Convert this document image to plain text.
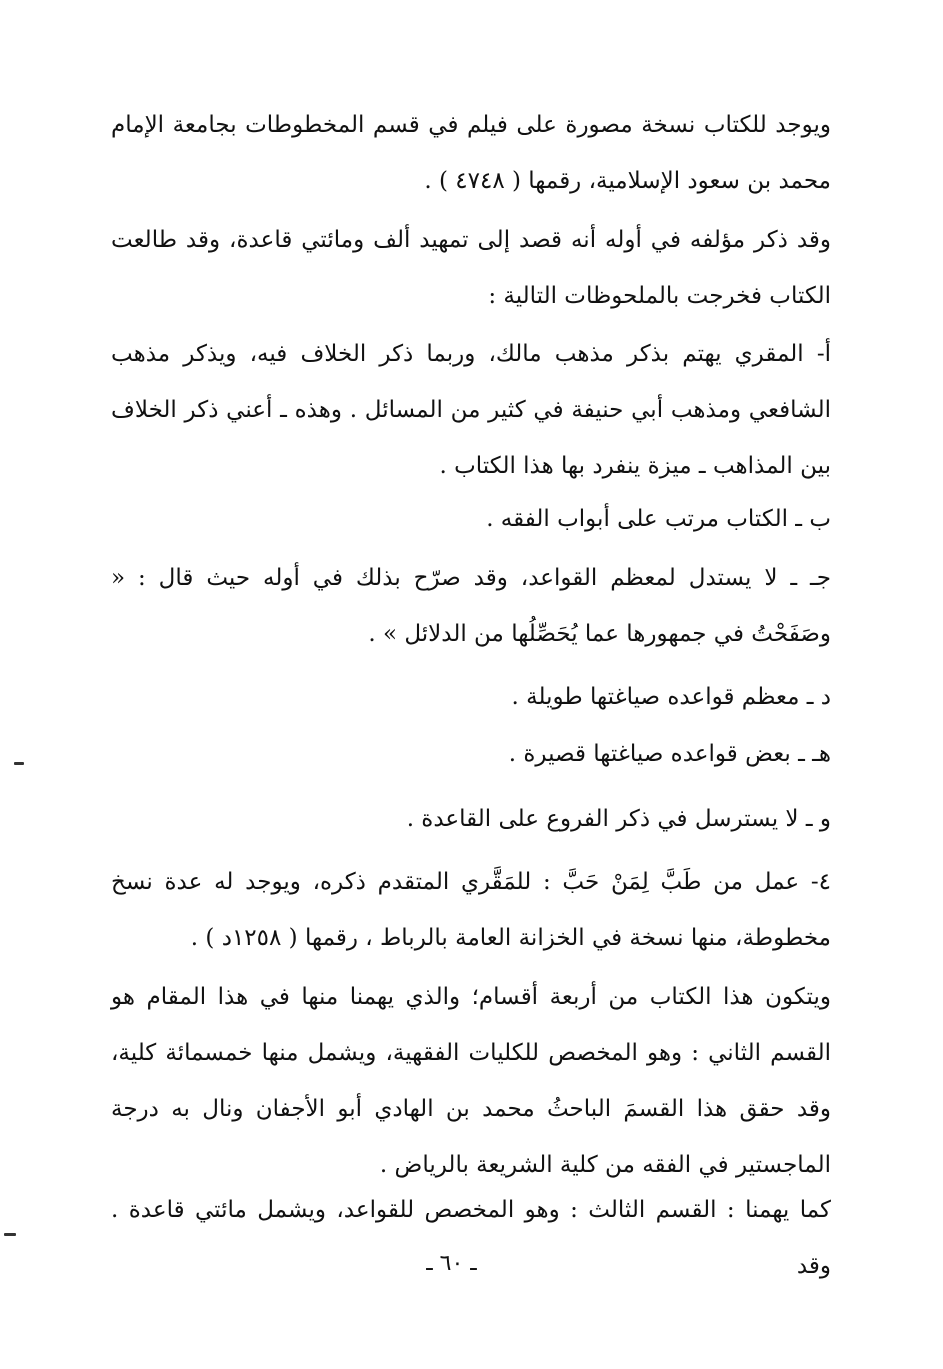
ويوجد للكتاب نسخة مصورة على فيلم في قسم المخطوطات بجامعة الإمام محمد بن سعود الإسلامية، رقمها ( ٤٧٤٨ ) .

وقد ذكر مؤلفه في أوله أنه قصد إلى تمهيد ألف ومائتي قاعدة، وقد طالعت الكتاب فخرجت بالملحوظات التالية :

أ- المقري يهتم بذكر مذهب مالك، وربما ذكر الخلاف فيه، ويذكر مذهب الشافعي ومذهب أبي حنيفة في كثير من المسائل . وهذه ـ أعني ذكر الخلاف بين المذاهب ـ ميزة ينفرد بها هذا الكتاب .

ب ـ الكتاب مرتب على أبواب الفقه .

جـ ـ لا يستدل لمعظم القواعد، وقد صرّح بذلك في أوله حيث قال : « وصَفَحْتُ في جمهورها عما يُحَصِّلُها من الدلائل » .

د ـ معظم قواعده صياغتها طويلة .

هـ ـ بعض قواعده صياغتها قصيرة .

و ـ لا يسترسل في ذكر الفروع على القاعدة .

٤- عمل من طَبَّ لِمَنْ حَبَّ : للمَقَّري المتقدم ذكره، ويوجد له عدة نسخ مخطوطة، منها نسخة في الخزانة العامة بالرباط ، رقمها ( ١٢٥٨د ) .

ويتكون هذا الكتاب من أربعة أقسام؛ والذي يهمنا منها في هذا المقام هو القسم الثاني : وهو المخصص للكليات الفقهية، ويشمل منها خمسمائة كلية، وقد حقق هذا القسمَ الباحثُ محمد بن الهادي أبو الأجفان ونال به درجة الماجستير في الفقه من كلية الشريعة بالرياض .

كما يهمنا : القسم الثالث : وهو المخصص للقواعد، ويشمل مائتي قاعدة . وقد

ـ ٦٠ ـ
